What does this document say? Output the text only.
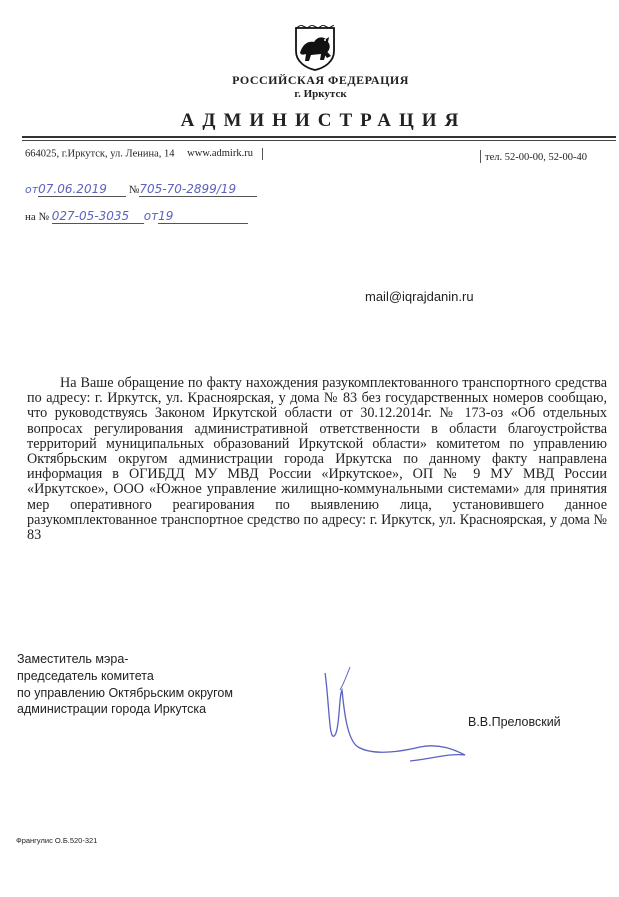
РОССИЙСКАЯ ФЕДЕРАЦИЯ
г. Иркутск
АДМИНИСТРАЦИЯ
664025, г.Иркутск, ул. Ленина, 14 www.admirk.ru	тел. 52-00-00, 52-00-40
от07.06.2019 №705-70-2899/19
на № 027-05-3035 от19
mail@iqrajdanin.ru

На Ваше обращение по факту нахождения разукомплектованного транспортного средства по адресу: г. Иркутск, ул. Красноярская, у дома № 83 без государственных номеров сообщаю, что руководствуясь Законом Иркутской области от 30.12.2014г. № 173-оз «Об отдельных вопросах регулирования административной ответственности в области благоустройства территорий муниципальных образований Иркутской области» комитетом по управлению Октябрьским округом администрации города Иркутска по данному факту направлена информация в ОГИБДД МУ МВД России «Иркутское», ОП № 9 МУ МВД России «Иркутское», ООО «Южное управление жилищно-коммунальными системами» для принятия мер оперативного реагирования по выявлению лица, установившего данное разукомплектованное транспортное средство по адресу: г. Иркутск, ул. Красноярская, у дома № 83

Заместитель мэра-
председатель комитета
по управлению Октябрьским округом
администрации города Иркутска
В.В.Преловский
Франгулис О.Б.520-321
